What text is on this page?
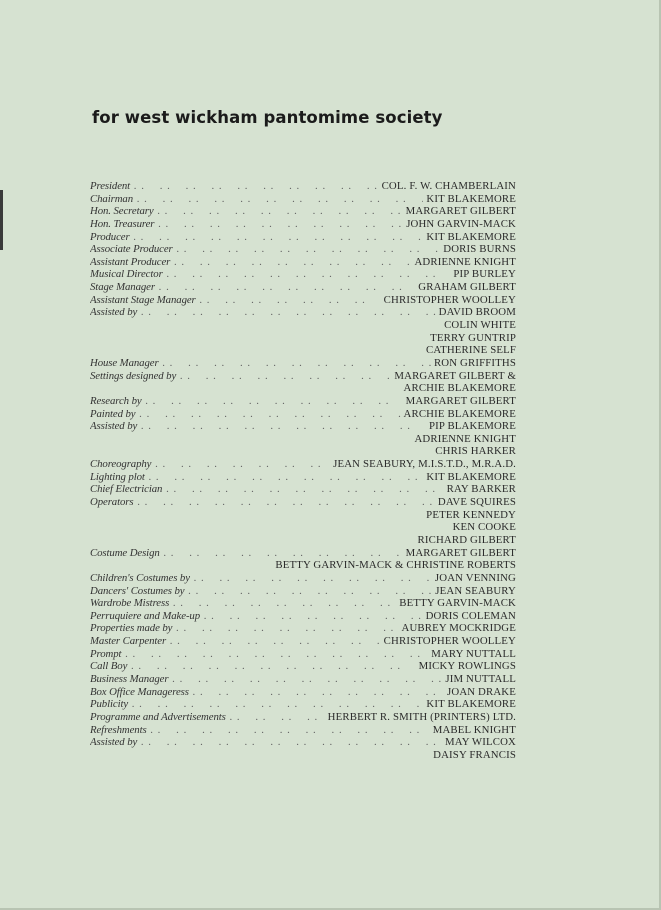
for west wickham pantomime society
President . .	COL. F. W. CHAMBERLAIN
Chairman . .	KIT BLAKEMORE
Hon. Secretary . .	MARGARET GILBERT
Hon. Treasurer . .	JOHN GARVIN-MACK
Producer . .	KIT BLAKEMORE
Associate Producer . .	DORIS BURNS
Assistant Producer . .	ADRIENNE KNIGHT
Musical Director . .	PIP BURLEY
Stage Manager . .	GRAHAM GILBERT
Assistant Stage Manager . .	CHRISTOPHER WOOLLEY
Assisted by . .	DAVID BROOM
COLIN WHITE
TERRY GUNTRIP
CATHERINE SELF
House Manager . .	RON GRIFFITHS
Settings designed by . .	MARGARET GILBERT &
ARCHIE BLAKEMORE
Research by . .	MARGARET GILBERT
Painted by . .	ARCHIE BLAKEMORE
Assisted by . .	PIP BLAKEMORE
ADRIENNE KNIGHT
CHRIS HARKER
Choreography . .	JEAN SEABURY, M.I.S.T.D., M.R.A.D.
Lighting plot . .	KIT BLAKEMORE
Chief Electrician . .	RAY BARKER
Operators . .	DAVE SQUIRES
PETER KENNEDY
KEN COOKE
RICHARD GILBERT
Costume Design . .	MARGARET GILBERT
BETTY GARVIN-MACK & CHRISTINE ROBERTS
Children's Costumes by . .	JOAN VENNING
Dancers' Costumes by . .	JEAN SEABURY
Wardrobe Mistress . .	BETTY GARVIN-MACK
Perruquiere and Make-up . .	DORIS COLEMAN
Properties made by . .	AUBREY MOCKRIDGE
Master Carpenter . .	CHRISTOPHER WOOLLEY
Prompt . .	MARY NUTTALL
Call Boy . .	MICKY ROWLINGS
Business Manager . .	JIM NUTTALL
Box Office Manageress . .	JOAN DRAKE
Publicity . .	KIT BLAKEMORE
Programme and Advertisements . .	HERBERT R. SMITH (PRINTERS) LTD.
Refreshments . .	MABEL KNIGHT
Assisted by . .	MAY WILCOX
DAISY FRANCIS
